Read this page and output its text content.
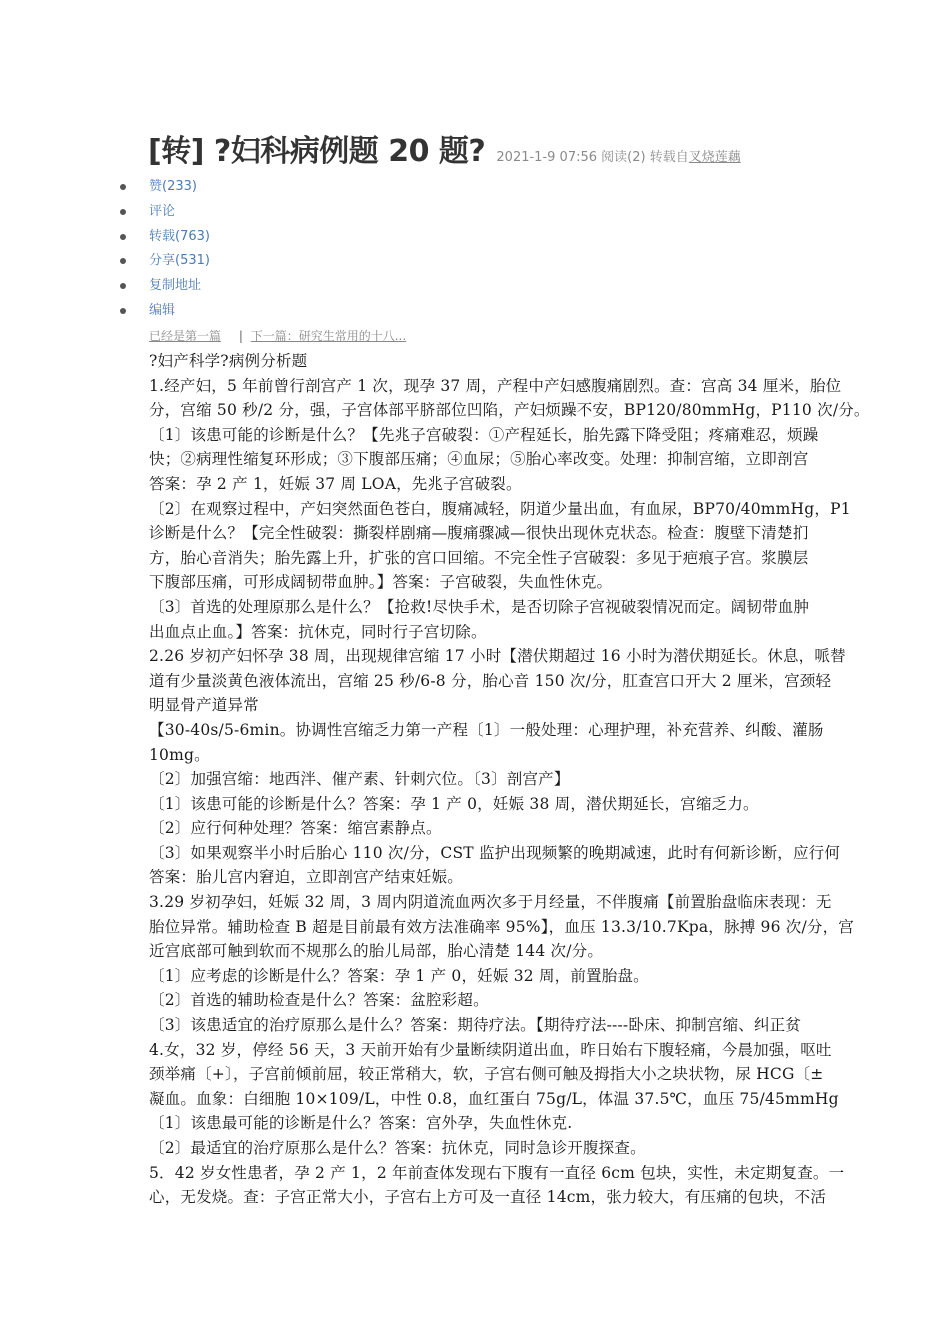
[转] ?妇科病例题 20 题? 2021-1-9 07:56 阅读(2) 转载自叉烧莲藕
赞(233)
评论
转载(763)
分享(531)
复制地址
编辑
已经是第一篇 | 下一篇：研究生常用的十八...

?妇产科学?病例分析题

1.经产妇，5 年前曾行剖宫产 1 次，现孕 37 周，产程中产妇感腹痛剧烈。查：宫高 34 厘米，胎位

分，宫缩 50 秒/2 分，强，子宫体部平脐部位凹陷，产妇烦躁不安，BP120/80mmHg，P110 次/分。

〔1〕该患可能的诊断是什么？【先兆子宫破裂：①产程延长，胎先露下降受阻；疼痛难忍，烦躁

快；②病理性缩复环形成；③下腹部压痛；④血尿；⑤胎心率改变。处理：抑制宫缩，立即剖宫

答案：孕 2 产 1，妊娠 37 周 LOA，先兆子宫破裂。

〔2〕在观察过程中，产妇突然面色苍白，腹痛减轻，阴道少量出血，有血尿，BP70/40mmHg，P1

诊断是什么？【完全性破裂：撕裂样剧痛—腹痛骤减—很快出现休克状态。检查：腹壁下清楚扪

方，胎心音消失；胎先露上升，扩张的宫口回缩。不完全性子宫破裂：多见于疤痕子宫。浆膜层

下腹部压痛，可形成阔韧带血肿。】答案：子宫破裂，失血性休克。

〔3〕首选的处理原那么是什么？【抢救!尽快手术，是否切除子宫视破裂情况而定。阔韧带血肿

出血点止血。】答案：抗休克，同时行子宫切除。

2.26 岁初产妇怀孕 38 周，出现规律宫缩 17 小时【潜伏期超过 16 小时为潜伏期延长。休息，哌替

道有少量淡黄色液体流出，宫缩 25 秒/6-8 分，胎心音 150 次/分，肛查宫口开大 2 厘米，宫颈轻

明显骨产道异常

【30-40s/5-6min。协调性宫缩乏力第一产程〔1〕一般处理：心理护理，补充营养、纠酸、灌肠

10mg。

〔2〕加强宫缩：地西泮、催产素、针刺穴位。〔3〕剖宫产】

〔1〕该患可能的诊断是什么？答案：孕 1 产 0，妊娠 38 周，潜伏期延长，宫缩乏力。

〔2〕应行何种处理？答案：缩宫素静点。

〔3〕如果观察半小时后胎心 110 次/分，CST 监护出现频繁的晚期减速，此时有何新诊断，应行何

答案：胎儿宫内窘迫，立即剖宫产结束妊娠。

3.29 岁初孕妇，妊娠 32 周，3 周内阴道流血两次多于月经量，不伴腹痛【前置胎盘临床表现：无

胎位异常。辅助检查 B 超是目前最有效方法准确率 95%】，血压 13.3/10.7Kpa，脉搏 96 次/分，宫

近宫底部可触到软而不规那么的胎儿局部，胎心清楚 144 次/分。

〔1〕应考虑的诊断是什么？答案：孕 1 产 0，妊娠 32 周，前置胎盘。

〔2〕首选的辅助检查是什么？答案：盆腔彩超。

〔3〕该患适宜的治疗原那么是什么？答案：期待疗法。【期待疗法----卧床、抑制宫缩、纠正贫

4.女，32 岁，停经 56 天，3 天前开始有少量断续阴道出血，昨日始右下腹轻痛，今晨加强，呕吐

颈举痛〔+〕，子宫前倾前屈，较正常稍大，软，子宫右侧可触及拇指大小之块状物，尿 HCG〔±

凝血。血象：白细胞 10×109/L，中性 0.8，血红蛋白 75g/L，体温 37.5℃，血压 75/45mmHg

〔1〕该患最可能的诊断是什么？答案：宫外孕，失血性休克.

〔2〕最适宜的治疗原那么是什么？答案：抗休克，同时急诊开腹探查。

5．42 岁女性患者，孕 2 产 1，2 年前查体发现右下腹有一直径 6cm 包块，实性，未定期复查。一

心，无发烧。查：子宫正常大小，子宫右上方可及一直径 14cm，张力较大，有压痛的包块，不活
